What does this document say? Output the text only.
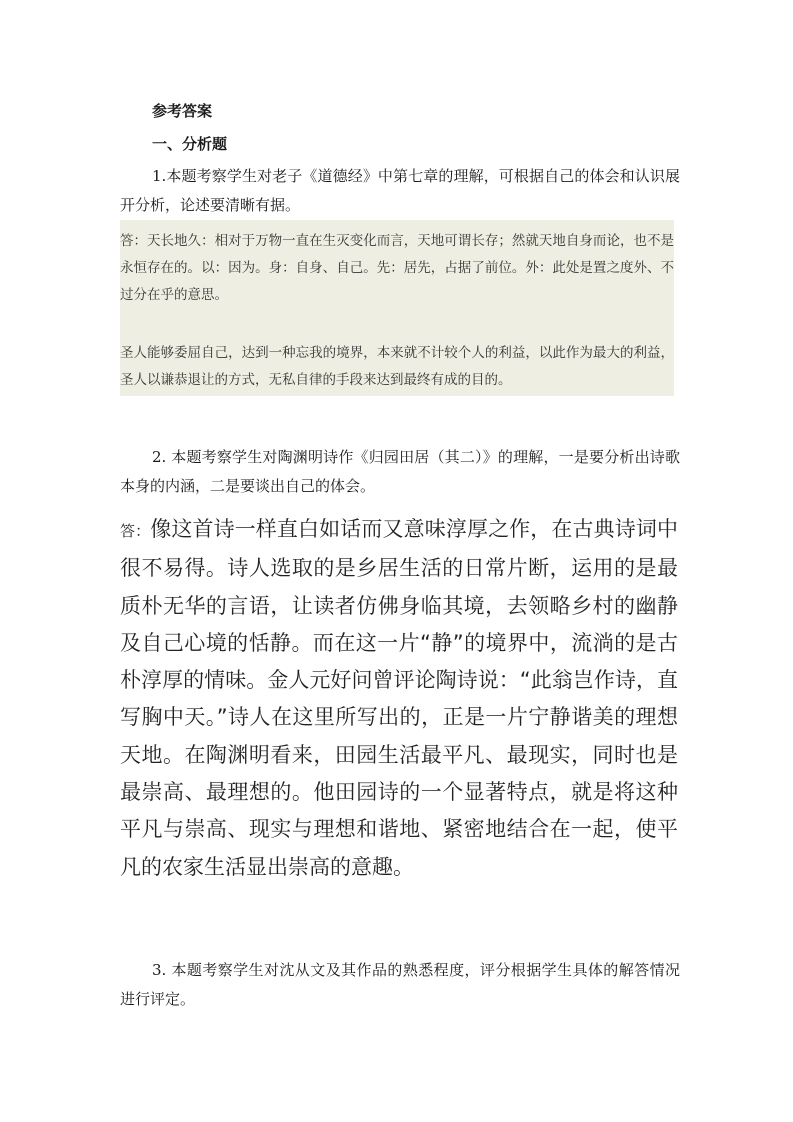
参考答案
一、分析题
1.本题考察学生对老子《道德经》中第七章的理解，可根据自己的体会和认识展开分析，论述要清晰有据。
答：天长地久：相对于万物一直在生灭变化而言，天地可谓长存；然就天地自身而论，也不是永恒存在的。以：因为。身：自身、自己。先：居先，占据了前位。外：此处是置之度外、不过分在乎的意思。
圣人能够委屈自己，达到一种忘我的境界，本来就不计较个人的利益，以此作为最大的利益，圣人以谦恭退让的方式，无私自律的手段来达到最终有成的目的。
2. 本题考察学生对陶渊明诗作《归园田居（其二）》的理解，一是要分析出诗歌本身的内涵，二是要谈出自己的体会。
答：像这首诗一样直白如话而又意味淳厚之作，在古典诗词中很不易得。诗人选取的是乡居生活的日常片断，运用的是最质朴无华的言语，让读者仿佛身临其境，去领略乡村的幽静及自己心境的恬静。而在这一片“静”的境界中，流淌的是古朴淳厚的情味。金人元好问曾评论陶诗说：“此翁岂作诗，直写胸中天。”诗人在这里所写出的，正是一片宁静谐美的理想天地。在陶渊明看来，田园生活最平凡、最现实，同时也是最崇高、最理想的。他田园诗的一个显著特点，就是将这种平凡与崇高、现实与理想和谐地、紧密地结合在一起，使平凡的农家生活显出崇高的意趣。
3. 本题考察学生对沈从文及其作品的熟悉程度，评分根据学生具体的解答情况进行评定。
